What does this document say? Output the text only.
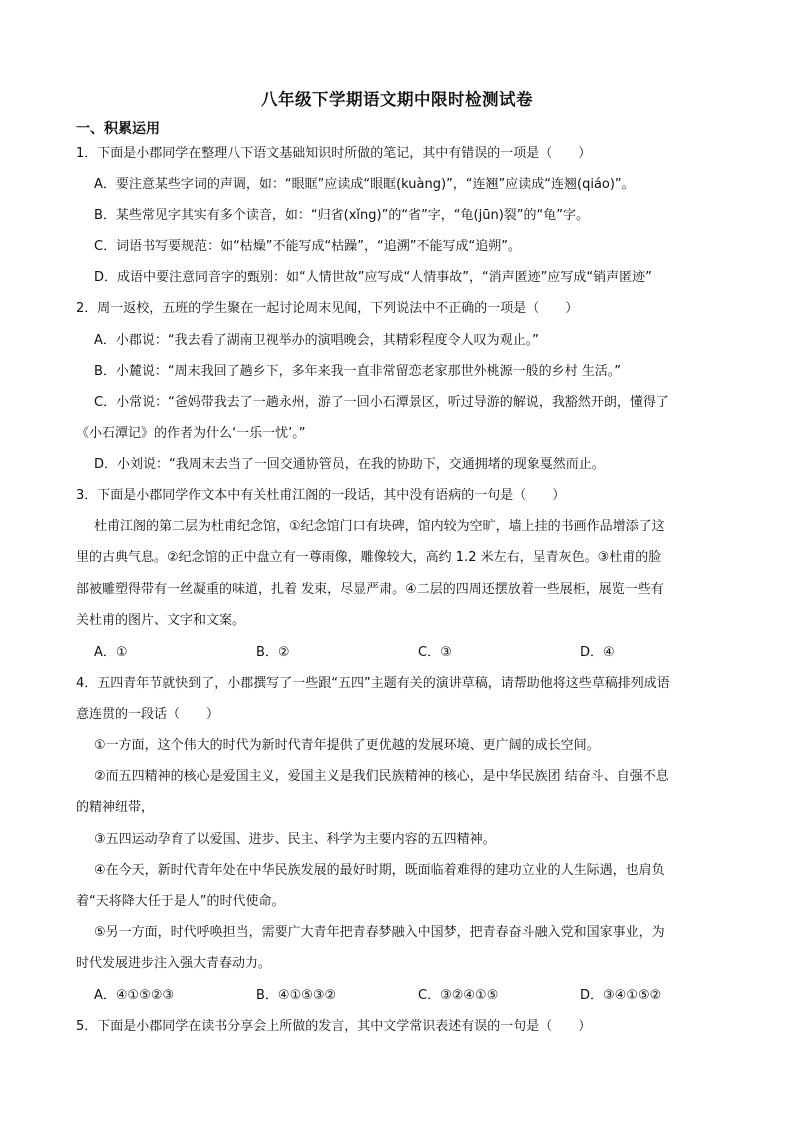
八年级下学期语文期中限时检测试卷
一、积累运用
1．下面是小郡同学在整理八下语文基础知识时所做的笔记，其中有错误的一项是（　　）
A．要注意某些字词的声调，如：“眼眶”应读成“眼眶(kuàng)”，“连翘”应读成“连翘(qiáo)”。
B．某些常见字其实有多个读音，如：“归省(xǐng)”的“省”字，“龟(jūn)裂”的“龟”字。
C．词语书写要规范：如“枯燥”不能写成“枯躁”，“追溯”不能写成“追朔”。
D．成语中要注意同音字的甄别：如“人情世故”应写成“人情事故”，“消声匿迹”应写成“销声匿迹”
2．周一返校，五班的学生聚在一起讨论周末见闻，下列说法中不正确的一项是（　　）
A．小郡说：“我去看了湖南卫视举办的演唱晚会，其精彩程度令人叹为观止。”
B．小麓说：“周末我回了趟乡下，多年来我一直非常留恋老家那世外桃源一般的乡村 生活。”
C．小常说：“爸妈带我去了一趟永州，游了一回小石潭景区，听过导游的解说，我豁然开朗，懂得了
《小石潭记》的作者为什么‘一乐一忧’。”
D．小刘说：“我周末去当了一回交通协管员，在我的协助下，交通拥堵的现象戛然而止。
3．下面是小郡同学作文本中有关杜甫江阁的一段话，其中没有语病的一句是（　　）
杜甫江阁的第二层为杜甫纪念馆，①纪念馆门口有块碑，馆内较为空旷，墙上挂的书画作品增添了这
里的古典气息。②纪念馆的正中盘立有一尊雨像，雕像较大，高约 1.2 米左右，呈青灰色。③杜甫的脸
部被雕塑得带有一丝凝重的味道，扎着 发束，尽显严肃。④二层的四周还摆放着一些展柜，展览一些有
关杜甫的图片、文字和文案。
A．①	B．②	C．③	D．④
4．五四青年节就快到了，小郡撰写了一些跟“五四”主题有关的演讲草稿，请帮助他将这些草稿排列成语
意连贯的一段话（　　）
①一方面，这个伟大的时代为新时代青年提供了更优越的发展环境、更广阔的成长空间。
②而五四精神的核心是爱国主义，爱国主义是我们民族精神的核心，是中华民族团 结奋斗、自强不息
的精神纽带，
③五四运动孕育了以爱国、进步、民主、科学为主要内容的五四精神。
④在今天，新时代青年处在中华民族发展的最好时期，既面临着难得的建功立业的人生际遇，也肩负
着“天将降大任于是人”的时代使命。
⑤另一方面，时代呼唤担当，需要广大青年把青春梦融入中国梦，把青春奋斗融入党和国家事业，为
时代发展进步注入强大青春动力。
A．④①⑤②③	B．④①⑤③②	C．③②④①⑤	D．③④①⑤②
5．下面是小郡同学在读书分享会上所做的发言，其中文学常识表述有误的一句是（　　）
